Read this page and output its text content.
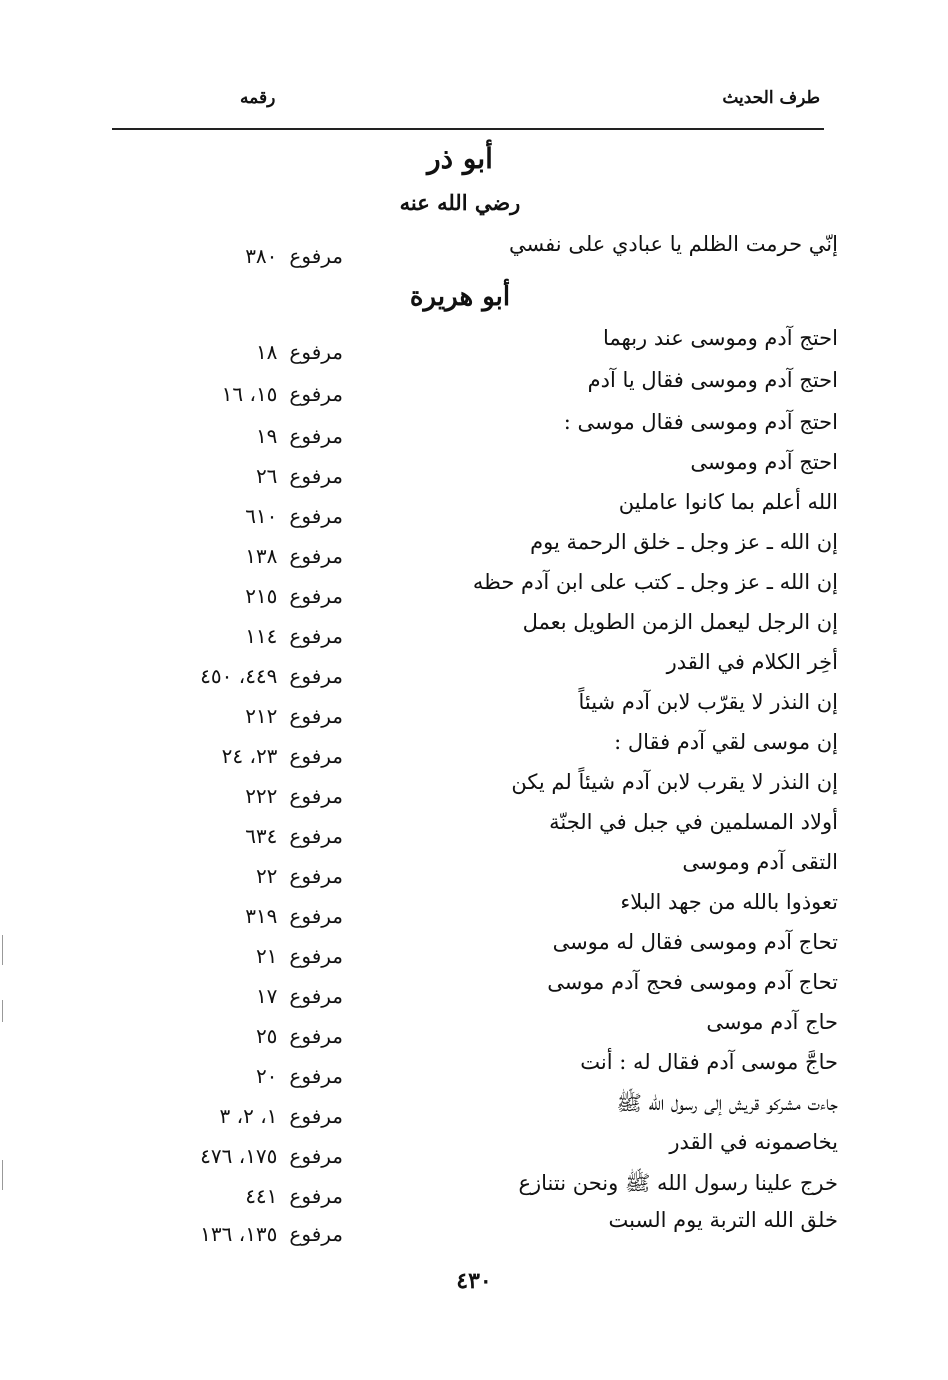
طرف الحديث
رقمه
أبو ذر
رضي الله عنه
أبو هريرة
إنّي حرمت الظلم يا عبادي على نفسي
مرفوع٣٨٠
احتج آدم وموسى عند ربهما
مرفوع١٨
احتج آدم وموسى فقال يا آدم
مرفوع١٥، ١٦
احتج آدم وموسى فقال موسى :
مرفوع١٩
احتج آدم وموسى
مرفوع٢٦
الله أعلم بما كانوا عاملين
مرفوع٦١٠
إن الله ـ عز وجل ـ خلق الرحمة يوم
مرفوع١٣٨
إن الله ـ عز وجل ـ كتب على ابن آدم حظه
مرفوع٢١٥
إن الرجل ليعمل الزمن الطويل بعمل
مرفوع١١٤
أخِر الكلام في القدر
مرفوع٤٤٩، ٤٥٠
إن النذر لا يقرّب لابن آدم شيئاً
مرفوع٢١٢
إن موسى لقي آدم فقال :
مرفوع٢٣، ٢٤
إن النذر لا يقرب لابن آدم شيئاً لم يكن
مرفوع٢٢٢
أولاد المسلمين في جبل في الجنّة
مرفوع٦٣٤
التقى آدم وموسى
مرفوع٢٢
تعوذوا بالله من جهد البلاء
مرفوع٣١٩
تحاج آدم وموسى فقال له موسى
مرفوع٢١
تحاج آدم وموسى فحج آدم موسى
مرفوع١٧
حاج آدم موسى
مرفوع٢٥
حاجَّ موسى آدم فقال له : أنت
مرفوع٢٠
جاءت مشركو قريش إلى رسول الله ﷺ
مرفوع١، ٢، ٣
يخاصمونه في القدر
مرفوع١٧٥، ٤٧٦
خرج علينا رسول الله ﷺ ونحن نتنازع
مرفوع٤٤١
خلق الله التربة يوم السبت
مرفوع١٣٥، ١٣٦
٤٣٠
